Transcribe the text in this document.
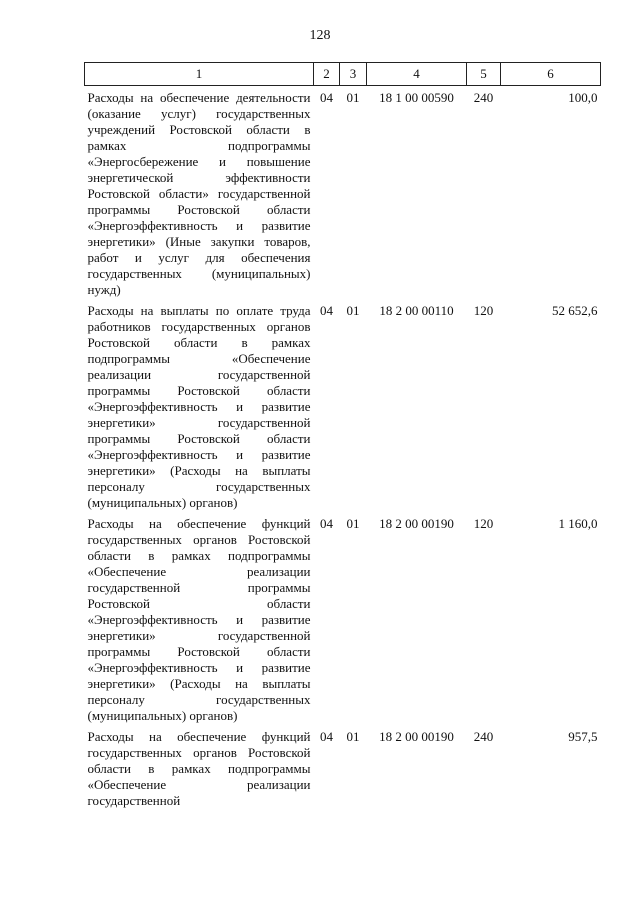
128
1	2	3	4	5	6
Расходы на обеспечение деятельности (оказание услуг) государственных учреждений Ростовской области в рамках подпрограммы «Энергосбережение и повышение энергетической эффективности Ростовской области» государственной программы Ростовской области «Энергоэффективность и развитие энергетики» (Иные закупки товаров, работ и услуг для обеспечения государственных (муниципальных) нужд)	04	01	18 1 00 00590	240	100,0
Расходы на выплаты по оплате труда работников государственных органов Ростовской области в рамках подпрограммы «Обеспечение реализации государственной программы Ростовской области «Энергоэффективность и развитие энергетики» государственной программы Ростовской области «Энергоэффективность и развитие энергетики» (Расходы на выплаты персоналу государственных (муниципальных) органов)	04	01	18 2 00 00110	120	52 652,6
Расходы на обеспечение функций государственных органов Ростовской области в рамках подпрограммы «Обеспечение реализации государственной программы Ростовской области «Энергоэффективность и развитие энергетики» государственной программы Ростовской области «Энергоэффективность и развитие энергетики» (Расходы на выплаты персоналу государственных (муниципальных) органов)	04	01	18 2 00 00190	120	1 160,0
Расходы на обеспечение функций государственных органов Ростовской области в рамках подпрограммы «Обеспечение реализации государственной	04	01	18 2 00 00190	240	957,5
